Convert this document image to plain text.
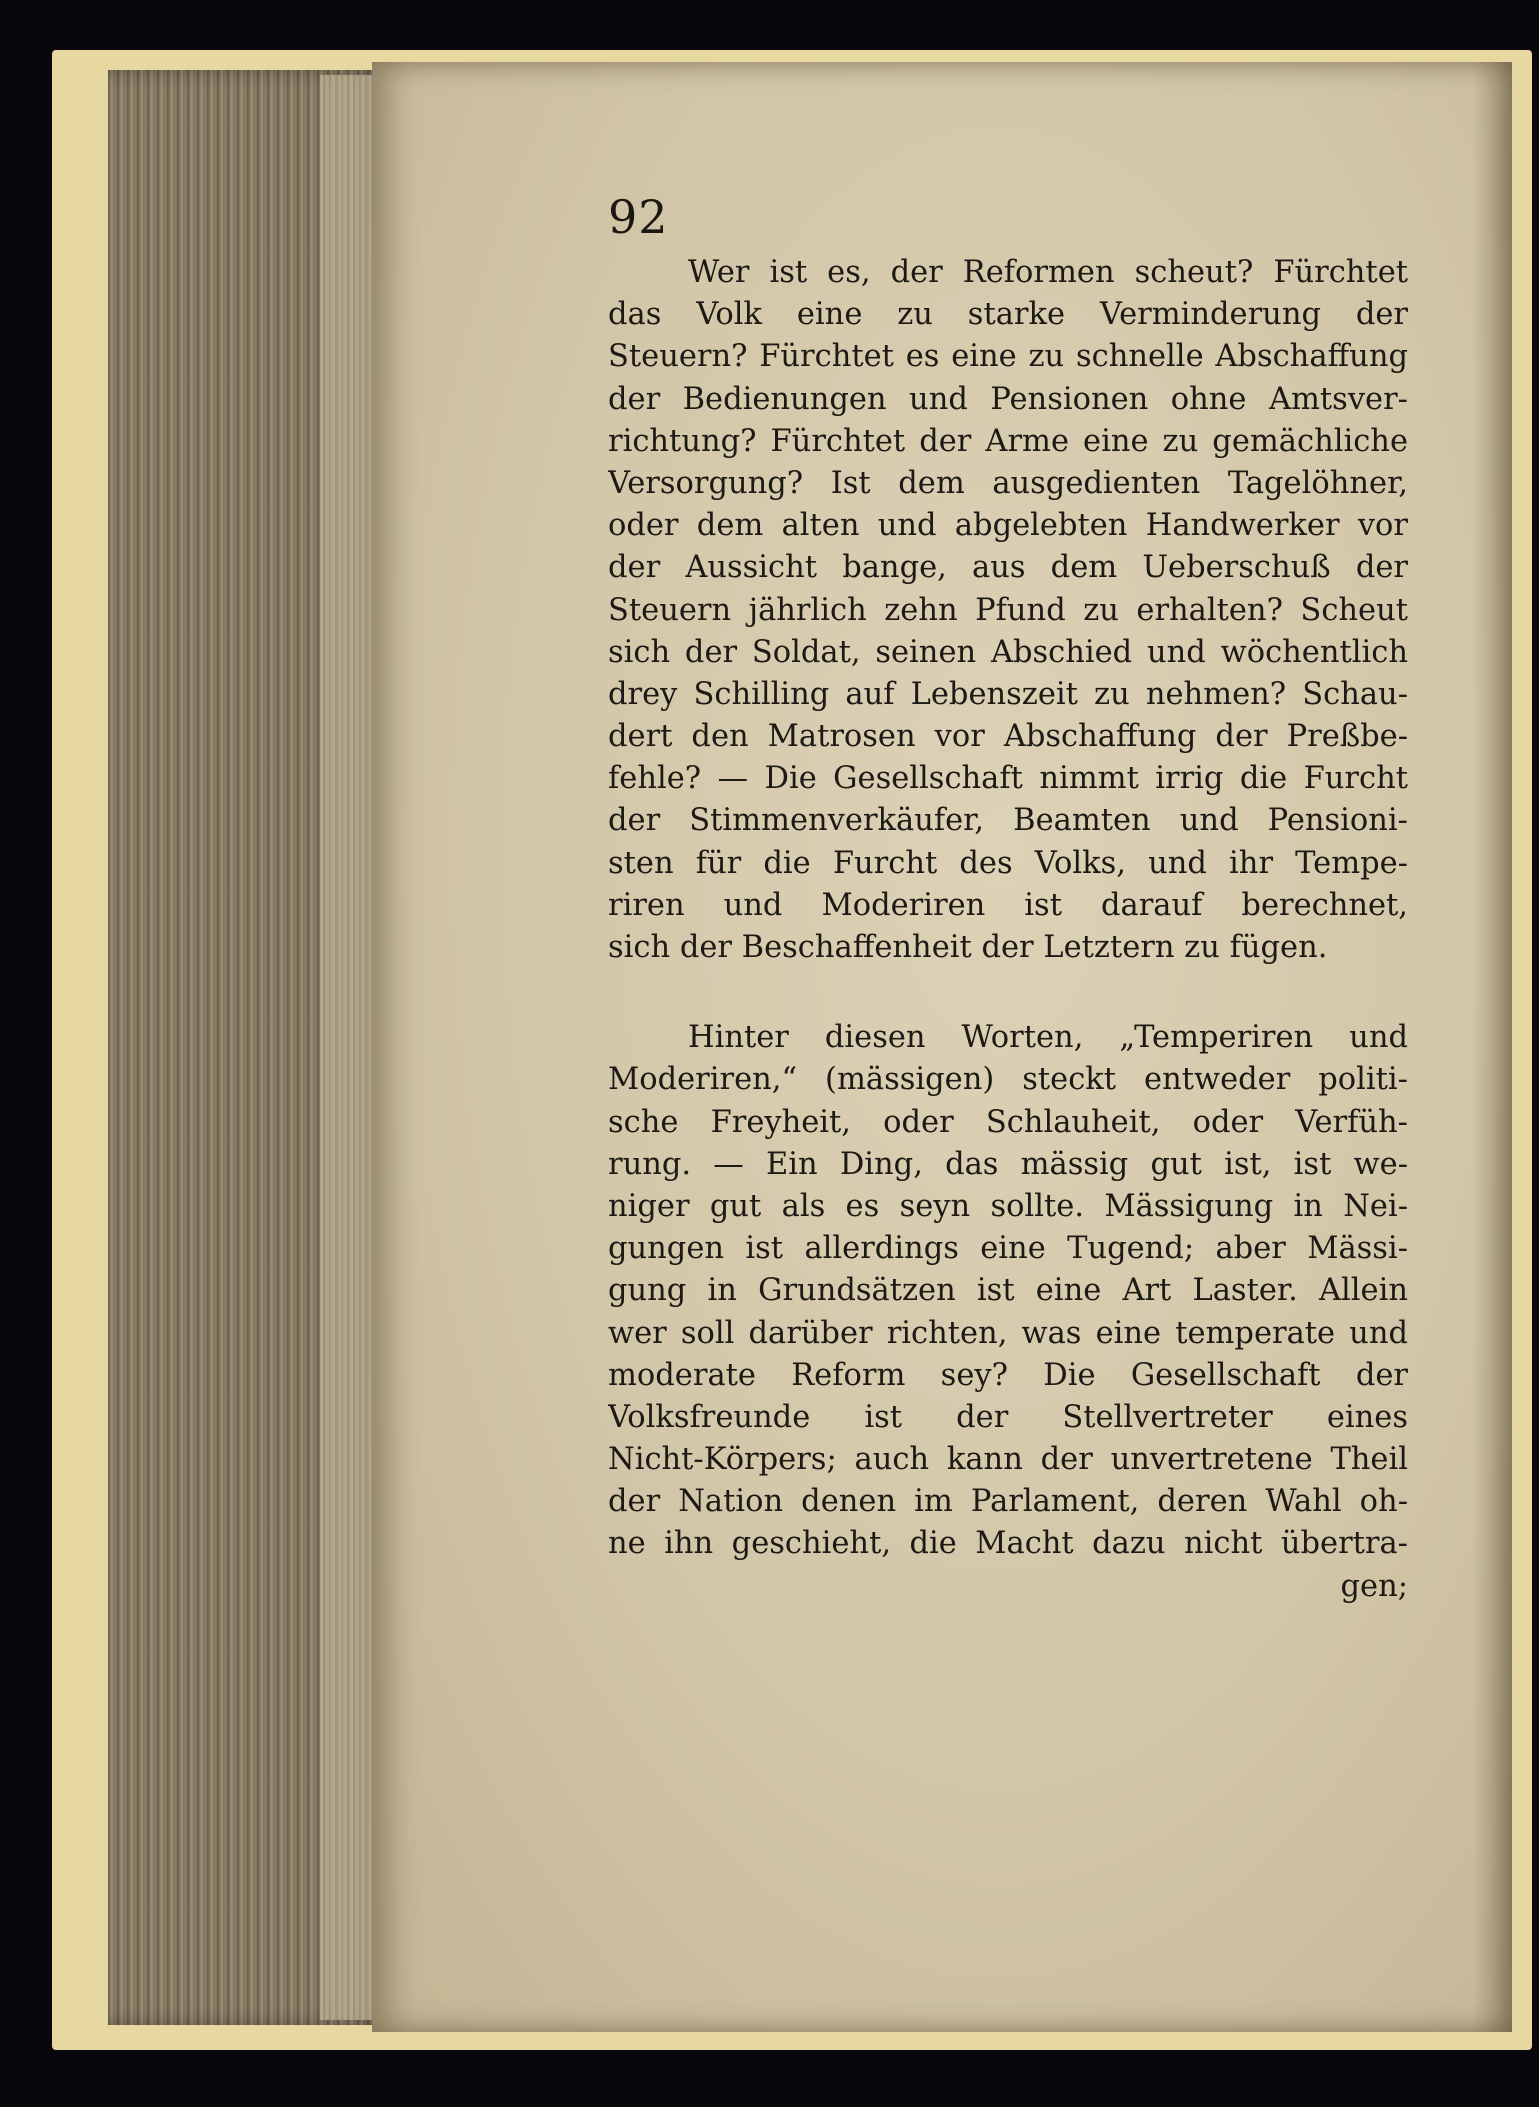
92
Wer ist es, der Reformen scheut? Fürchtet
das Volk eine zu starke Verminderung der
Steuern? Fürchtet es eine zu schnelle Abschaffung
der Bedienungen und Pensionen ohne Amtsver-
richtung? Fürchtet der Arme eine zu gemächliche
Versorgung? Ist dem ausgedienten Tagelöhner,
oder dem alten und abgelebten Handwerker vor
der Aussicht bange, aus dem Ueberschuß der
Steuern jährlich zehn Pfund zu erhalten? Scheut
sich der Soldat, seinen Abschied und wöchentlich
drey Schilling auf Lebenszeit zu nehmen? Schau-
dert den Matrosen vor Abschaffung der Preßbe-
fehle? — Die Gesellschaft nimmt irrig die Furcht
der Stimmenverkäufer, Beamten und Pensioni-
sten für die Furcht des Volks, und ihr Tempe-
riren und Moderiren ist darauf berechnet,
sich der Beschaffenheit der Letztern zu fügen.
Hinter diesen Worten, „Temperiren und
Moderiren,“ (mässigen) steckt entweder politi-
sche Freyheit, oder Schlauheit, oder Verfüh-
rung. — Ein Ding, das mässig gut ist, ist we-
niger gut als es seyn sollte. Mässigung in Nei-
gungen ist allerdings eine Tugend; aber Mässi-
gung in Grundsätzen ist eine Art Laster. Allein
wer soll darüber richten, was eine temperate und
moderate Reform sey? Die Gesellschaft der
Volksfreunde ist der Stellvertreter eines
Nicht-Körpers; auch kann der unvertretene Theil
der Nation denen im Parlament, deren Wahl oh-
ne ihn geschieht, die Macht dazu nicht übertra-
gen;
